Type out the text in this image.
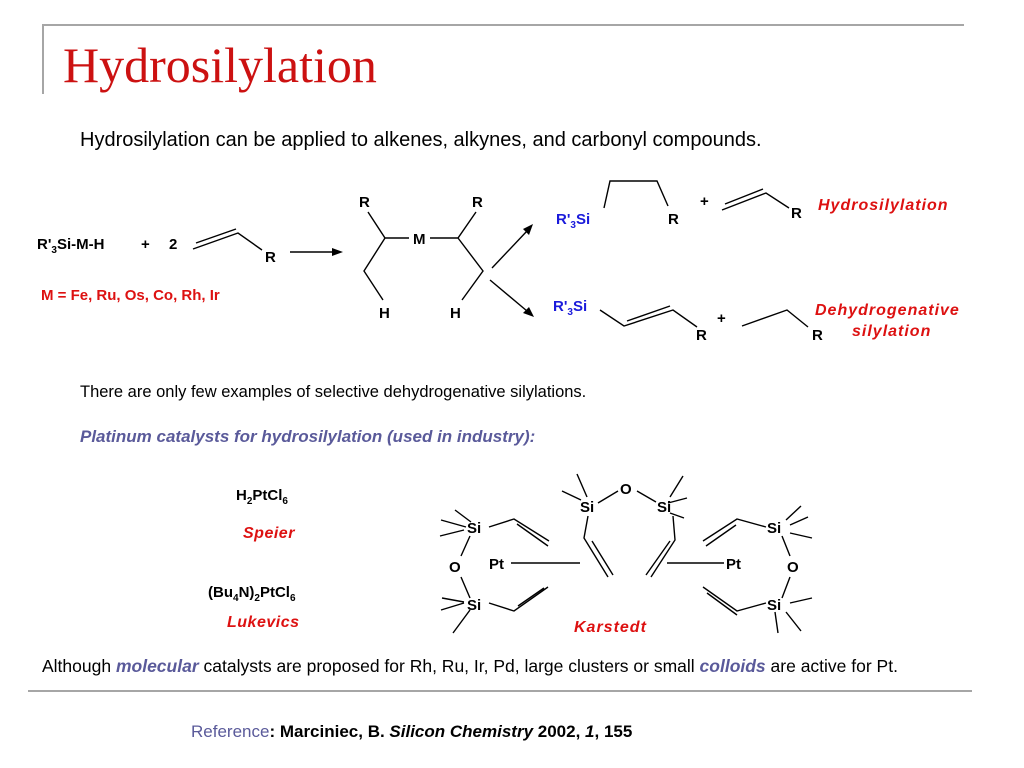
Hydrosilylation
Hydrosilylation can be applied to alkenes, alkynes, and carbonyl compounds.
$R'_3Si-M-H + 2$
R
M = Fe, Ru, Os, Co, Rh, Ir
R	R
M
H	H
$R'_3Si$	R
+
R Hydrosilylation
$R'_3Si$
R
+
R
Dehydrogenative
silylation
$H_2PtCl_6$
Speier
$(Bu_4N)_2PtCl_6$
Lukevics
Si
O
Si
Pt
Si
O
Si
Si
O
Si
Pt
Karstedt
There are only few examples of selective dehydrogenative silylations.
Platinum catalysts for hydrosilylation (used in industry):
Although molecular catalysts are proposed for Rh, Ru, Ir, Pd, large clusters or small colloids are active for Pt.
Reference: Marciniec, B. Silicon Chemistry 2002, 1, 155
